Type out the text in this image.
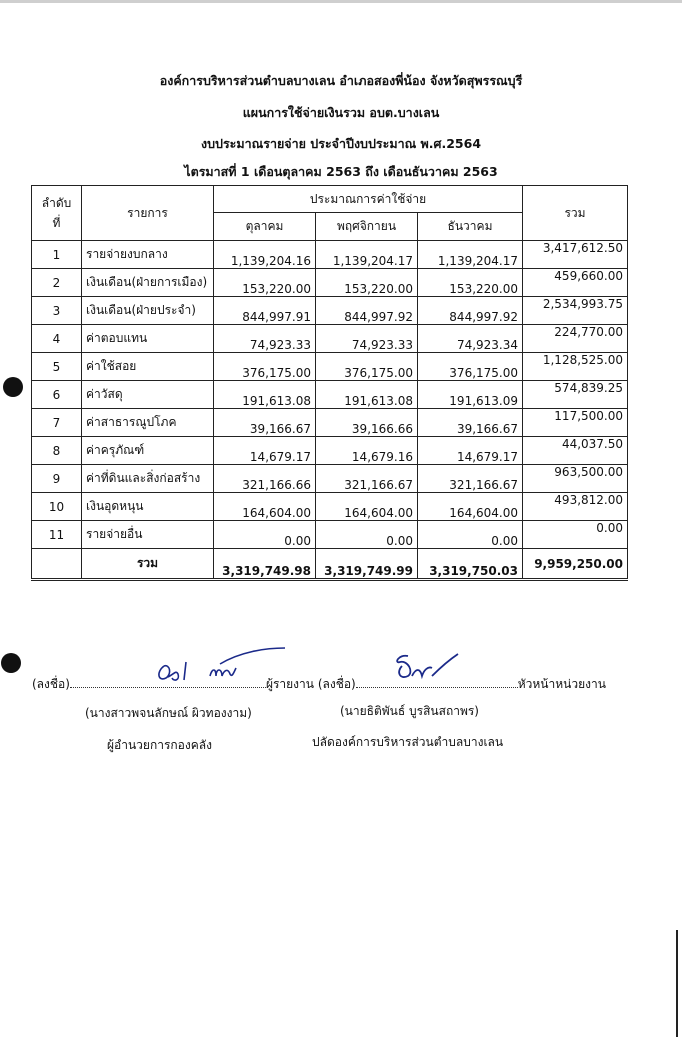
องค์การบริหารส่วนตำบลบางเลน อำเภอสองพี่น้อง จังหวัดสุพรรณบุรี
แผนการใช้จ่ายเงินรวม อบต.บางเลน
งบประมาณรายจ่าย ประจำปีงบประมาณ พ.ศ.2564
ไตรมาสที่ 1 เดือนตุลาคม 2563 ถึง เดือนธันวาคม 2563
ลำดับ ที่	รายการ	ประมาณการค่าใช้จ่าย			รวม
		ตุลาคม	พฤศจิกายน	ธันวาคม	
1	รายจ่ายงบกลาง	1,139,204.16	1,139,204.17	1,139,204.17	3,417,612.50
2	เงินเดือน(ฝ่ายการเมือง)	153,220.00	153,220.00	153,220.00	459,660.00
3	เงินเดือน(ฝ่ายประจำ)	844,997.91	844,997.92	844,997.92	2,534,993.75
4	ค่าตอบแทน	74,923.33	74,923.33	74,923.34	224,770.00
5	ค่าใช้สอย	376,175.00	376,175.00	376,175.00	1,128,525.00
6	ค่าวัสดุ	191,613.08	191,613.08	191,613.09	574,839.25
7	ค่าสาธารณูปโภค	39,166.67	39,166.66	39,166.67	117,500.00
8	ค่าครุภัณฑ์	14,679.17	14,679.16	14,679.17	44,037.50
9	ค่าที่ดินและสิ่งก่อสร้าง	321,166.66	321,166.67	321,166.67	963,500.00
10	เงินอุดหนุน	164,604.00	164,604.00	164,604.00	493,812.00
11	รายจ่ายอื่น	0.00	0.00	0.00	0.00
	รวม	3,319,749.98	3,319,749.99	3,319,750.03	9,959,250.00
(ลงชื่อ)	ผู้รายงาน (ลงชื่อ)	หัวหน้าหน่วยงาน
(นางสาวพจนลักษณ์ ผิวทองงาม)
ผู้อำนวยการกองคลัง
(นายธิติพันธ์ บูรสินสถาพร)
ปลัดองค์การบริหารส่วนตำบลบางเลน
